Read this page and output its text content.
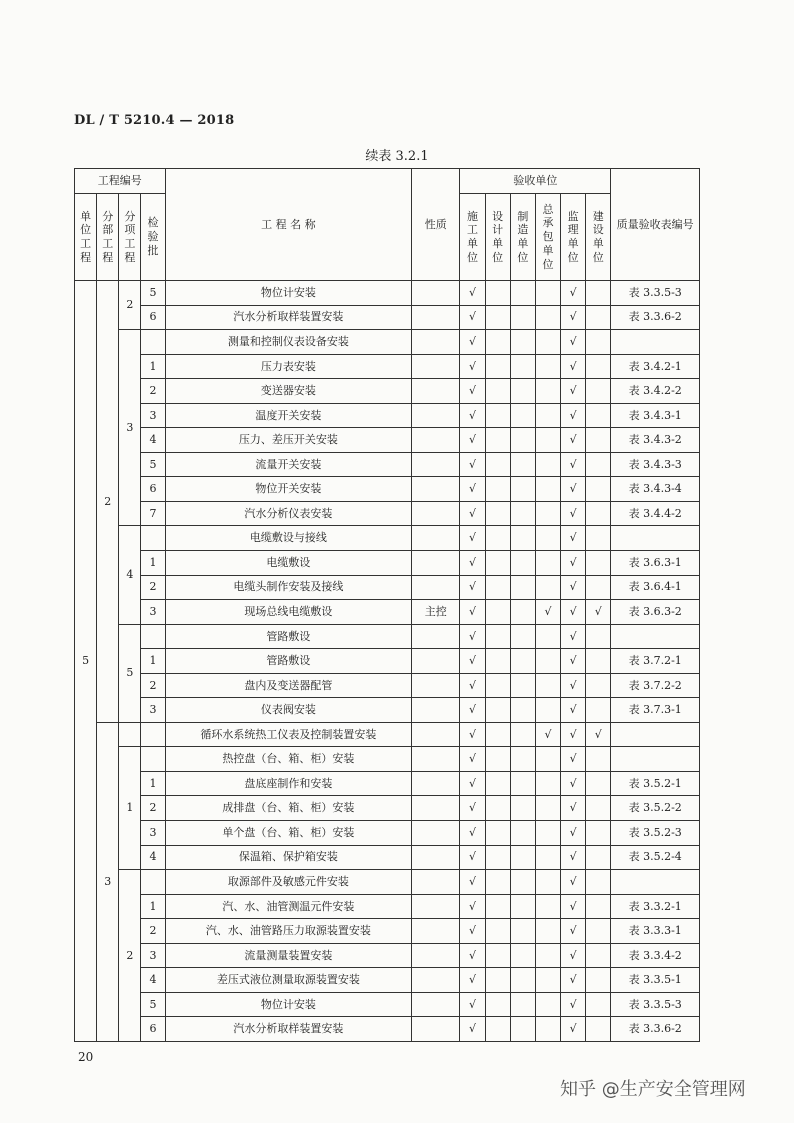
DL / T 5210.4 — 2018
续表 3.2.1
工程编号				工 程 名 称	性质	验收单位						质量验收表编号
单位工程	分部工程	分项工程	检验批			施工单位	设计单位	制造单位	总承包单位	监理单位	建设单位	
5	2	2	5	物位计安装		√				√		表 3.3.5-3
			6	汽水分析取样装置安装		√				√		表 3.3.6-2
		3		测量和控制仪表设备安装		√				√		
			1	压力表安装		√				√		表 3.4.2-1
			2	变送器安装		√				√		表 3.4.2-2
			3	温度开关安装		√				√		表 3.4.3-1
			4	压力、差压开关安装		√				√		表 3.4.3-2
			5	流量开关安装		√				√		表 3.4.3-3
			6	物位开关安装		√				√		表 3.4.3-4
			7	汽水分析仪表安装		√				√		表 3.4.4-2
		4		电缆敷设与接线		√				√		
			1	电缆敷设		√				√		表 3.6.3-1
			2	电缆头制作安装及接线		√				√		表 3.6.4-1
			3	现场总线电缆敷设	主控	√			√	√	√	表 3.6.3-2
		5		管路敷设		√				√		
			1	管路敷设		√				√		表 3.7.2-1
			2	盘内及变送器配管		√				√		表 3.7.2-2
			3	仪表阀安装		√				√		表 3.7.3-1
	3			循环水系统热工仪表及控制装置安装		√			√	√	√	
		1		热控盘（台、箱、柜）安装		√				√		
			1	盘底座制作和安装		√				√		表 3.5.2-1
			2	成排盘（台、箱、柜）安装		√				√		表 3.5.2-2
			3	单个盘（台、箱、柜）安装		√				√		表 3.5.2-3
			4	保温箱、保护箱安装		√				√		表 3.5.2-4
		2		取源部件及敏感元件安装		√				√		
			1	汽、水、油管测温元件安装		√				√		表 3.3.2-1
			2	汽、水、油管路压力取源装置安装		√				√		表 3.3.3-1
			3	流量测量装置安装		√				√		表 3.3.4-2
			4	差压式液位测量取源装置安装		√				√		表 3.3.5-1
			5	物位计安装		√				√		表 3.3.5-3
			6	汽水分析取样装置安装		√				√		表 3.3.6-2
20
知乎 @生产安全管理网
